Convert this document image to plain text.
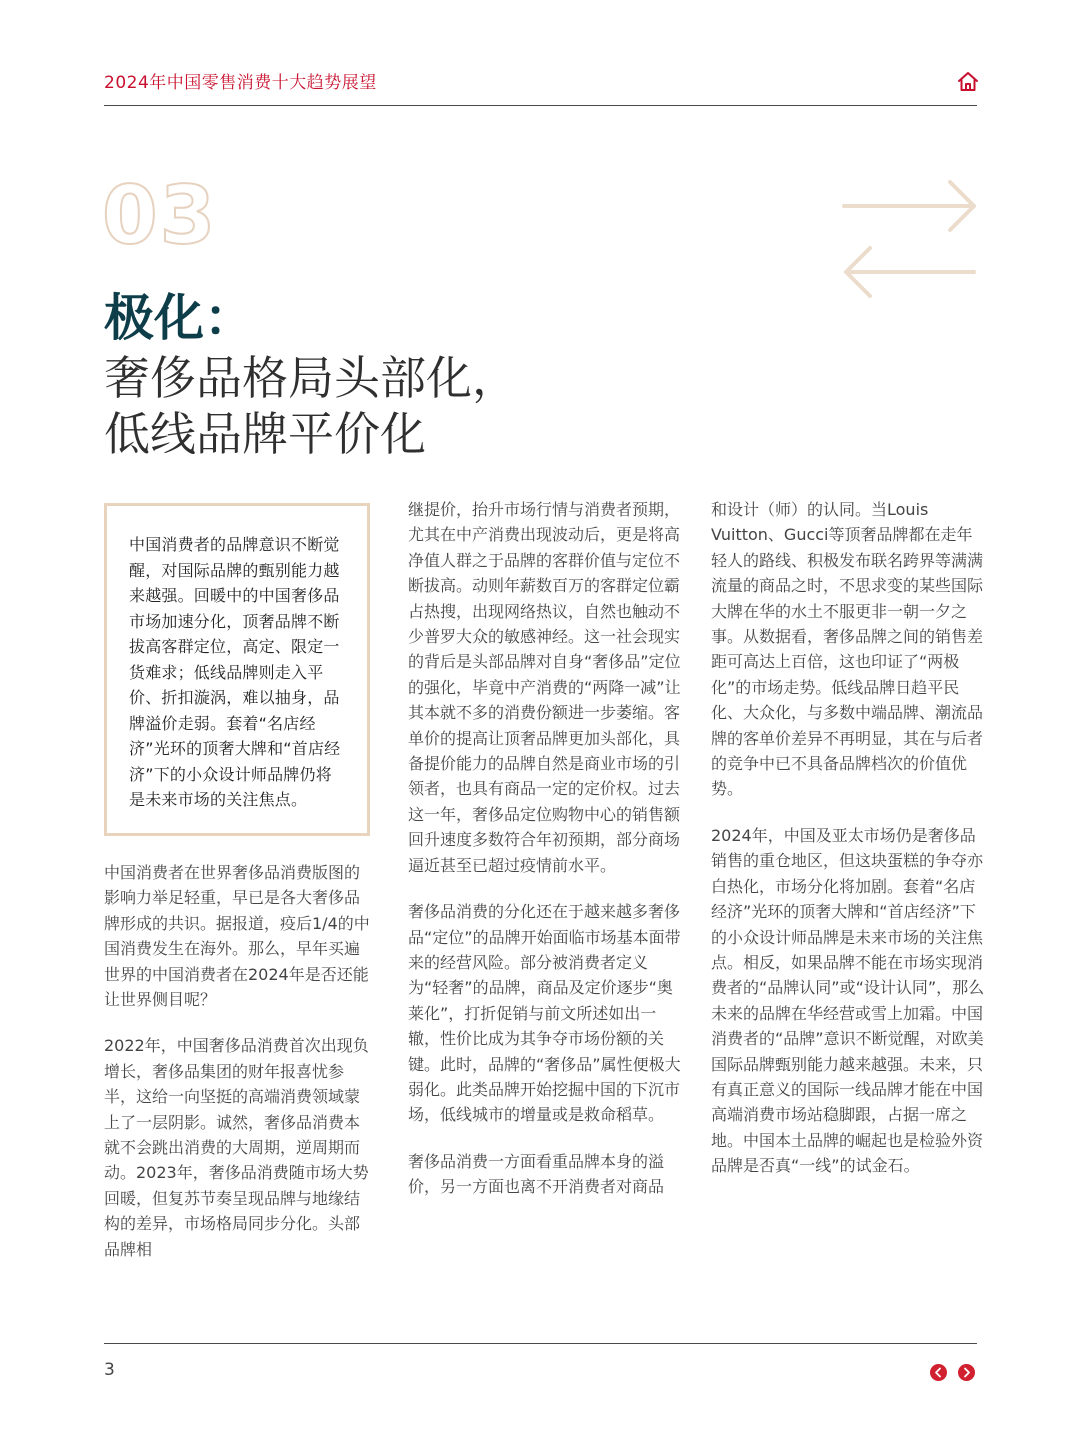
2024年中国零售消费十大趋势展望
03
极化：
奢侈品格局头部化，
低线品牌平价化
中国消费者的品牌意识不断觉醒，对国际品牌的甄别能力越来越强。回暖中的中国奢侈品市场加速分化，顶奢品牌不断拔高客群定位，高定、限定一货难求；低线品牌则走入平价、折扣漩涡，难以抽身，品牌溢价走弱。套着“名店经济”光环的顶奢大牌和“首店经济”下的小众设计师品牌仍将是未来市场的关注焦点。

中国消费者在世界奢侈品消费版图的影响力举足轻重，早已是各大奢侈品牌形成的共识。据报道，疫后1/4的中国消费发生在海外。那么，早年买遍世界的中国消费者在2024年是否还能让世界侧目呢？

2022年，中国奢侈品消费首次出现负增长，奢侈品集团的财年报喜忧参半，这给一向坚挺的高端消费领域蒙上了一层阴影。诚然，奢侈品消费本就不会跳出消费的大周期，逆周期而动。2023年，奢侈品消费随市场大势回暖，但复苏节奏呈现品牌与地缘结构的差异，市场格局同步分化。头部品牌相

继提价，抬升市场行情与消费者预期，尤其在中产消费出现波动后，更是将高净值人群之于品牌的客群价值与定位不断拔高。动则年薪数百万的客群定位霸占热搜，出现网络热议，自然也触动不少普罗大众的敏感神经。这一社会现实的背后是头部品牌对自身“奢侈品”定位的强化，毕竟中产消费的“两降一减”让其本就不多的消费份额进一步萎缩。客单价的提高让顶奢品牌更加头部化，具备提价能力的品牌自然是商业市场的引领者，也具有商品一定的定价权。过去这一年，奢侈品定位购物中心的销售额回升速度多数符合年初预期，部分商场逼近甚至已超过疫情前水平。

奢侈品消费的分化还在于越来越多奢侈品“定位”的品牌开始面临市场基本面带来的经营风险。部分被消费者定义为“轻奢”的品牌，商品及定价逐步“奥莱化”，打折促销与前文所述如出一辙，性价比成为其争夺市场份额的关键。此时，品牌的“奢侈品”属性便极大弱化。此类品牌开始挖掘中国的下沉市场，低线城市的增量或是救命稻草。

奢侈品消费一方面看重品牌本身的溢价，另一方面也离不开消费者对商品

和设计（师）的认同。当Louis Vuitton、Gucci等顶奢品牌都在走年轻人的路线、积极发布联名跨界等满满流量的商品之时，不思求变的某些国际大牌在华的水土不服更非一朝一夕之事。从数据看，奢侈品牌之间的销售差距可高达上百倍，这也印证了“两极化”的市场走势。低线品牌日趋平民化、大众化，与多数中端品牌、潮流品牌的客单价差异不再明显，其在与后者的竞争中已不具备品牌档次的价值优势。

2024年，中国及亚太市场仍是奢侈品销售的重仓地区，但这块蛋糕的争夺亦白热化，市场分化将加剧。套着“名店经济”光环的顶奢大牌和“首店经济”下的小众设计师品牌是未来市场的关注焦点。相反，如果品牌不能在市场实现消费者的“品牌认同”或“设计认同”，那么未来的品牌在华经营或雪上加霜。中国消费者的“品牌”意识不断觉醒，对欧美国际品牌甄别能力越来越强。未来，只有真正意义的国际一线品牌才能在中国高端消费市场站稳脚跟，占据一席之地。中国本土品牌的崛起也是检验外资品牌是否真“一线”的试金石。

3
